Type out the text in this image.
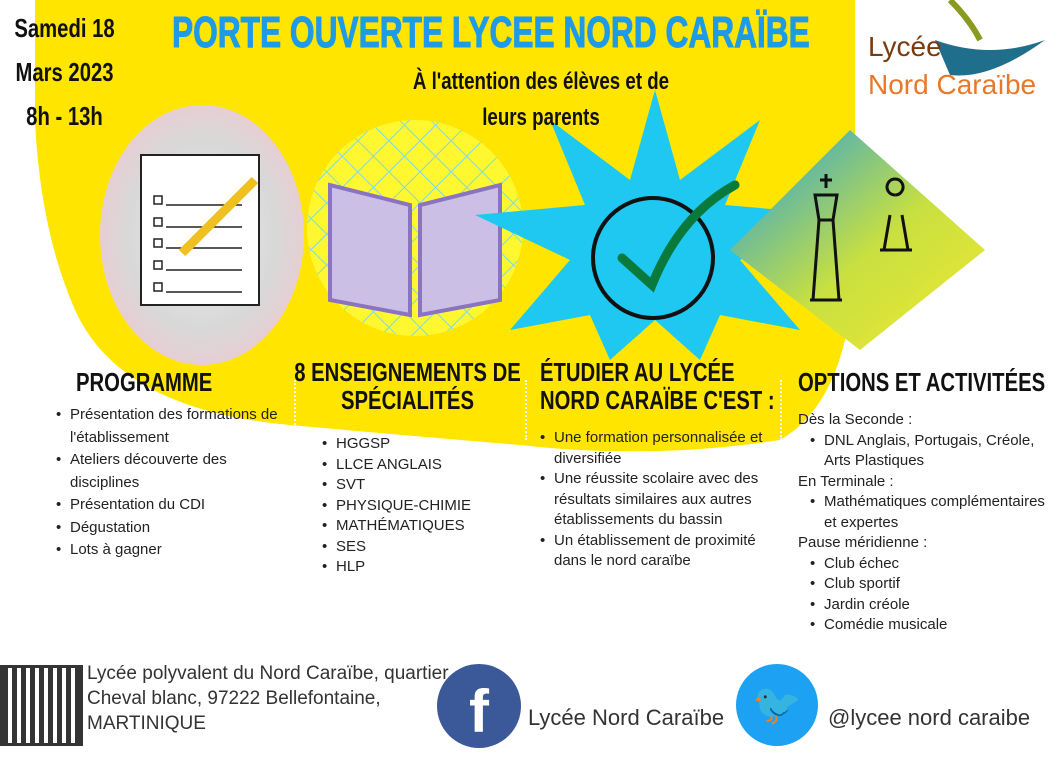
Samedi 18
Mars 2023
8h - 13h
PORTE OUVERTE LYCEE NORD CARAÏBE
À l'attention des élèves et de
leurs parents
Lycée
Nord Caraïbe
PROGRAMME
• Présentation des formations de l'établissement
• Ateliers découverte des disciplines
• Présentation du CDI
• Dégustation
• Lots à gagner
8 ENSEIGNEMENTS DE
SPÉCIALITÉS
• HGGSP
• LLCE ANGLAIS
• SVT
• PHYSIQUE-CHIMIE
• MATHÉMATIQUES
• SES
• HLP
ÉTUDIER AU LYCÉE
NORD CARAÏBE C'EST :
• Une formation personnalisée et diversifiée
• Une réussite scolaire avec des résultats similaires aux autres établissements du bassin
• Un établissement de proximité dans le nord caraïbe
OPTIONS ET ACTIVITÉES

Dès la Seconde :

• DNL Anglais, Portugais, Créole, Arts Plastiques

En Terminale :

• Mathématiques complémentaires et expertes

Pause méridienne :

• Club échec
• Club sportif
• Jardin créole
• Comédie musicale
Lycée polyvalent du Nord Caraïbe, quartier
Cheval blanc, 97222 Bellefontaine,
MARTINIQUE	f	Lycée Nord Caraïbe 🐦	@lycee nord caraibe
